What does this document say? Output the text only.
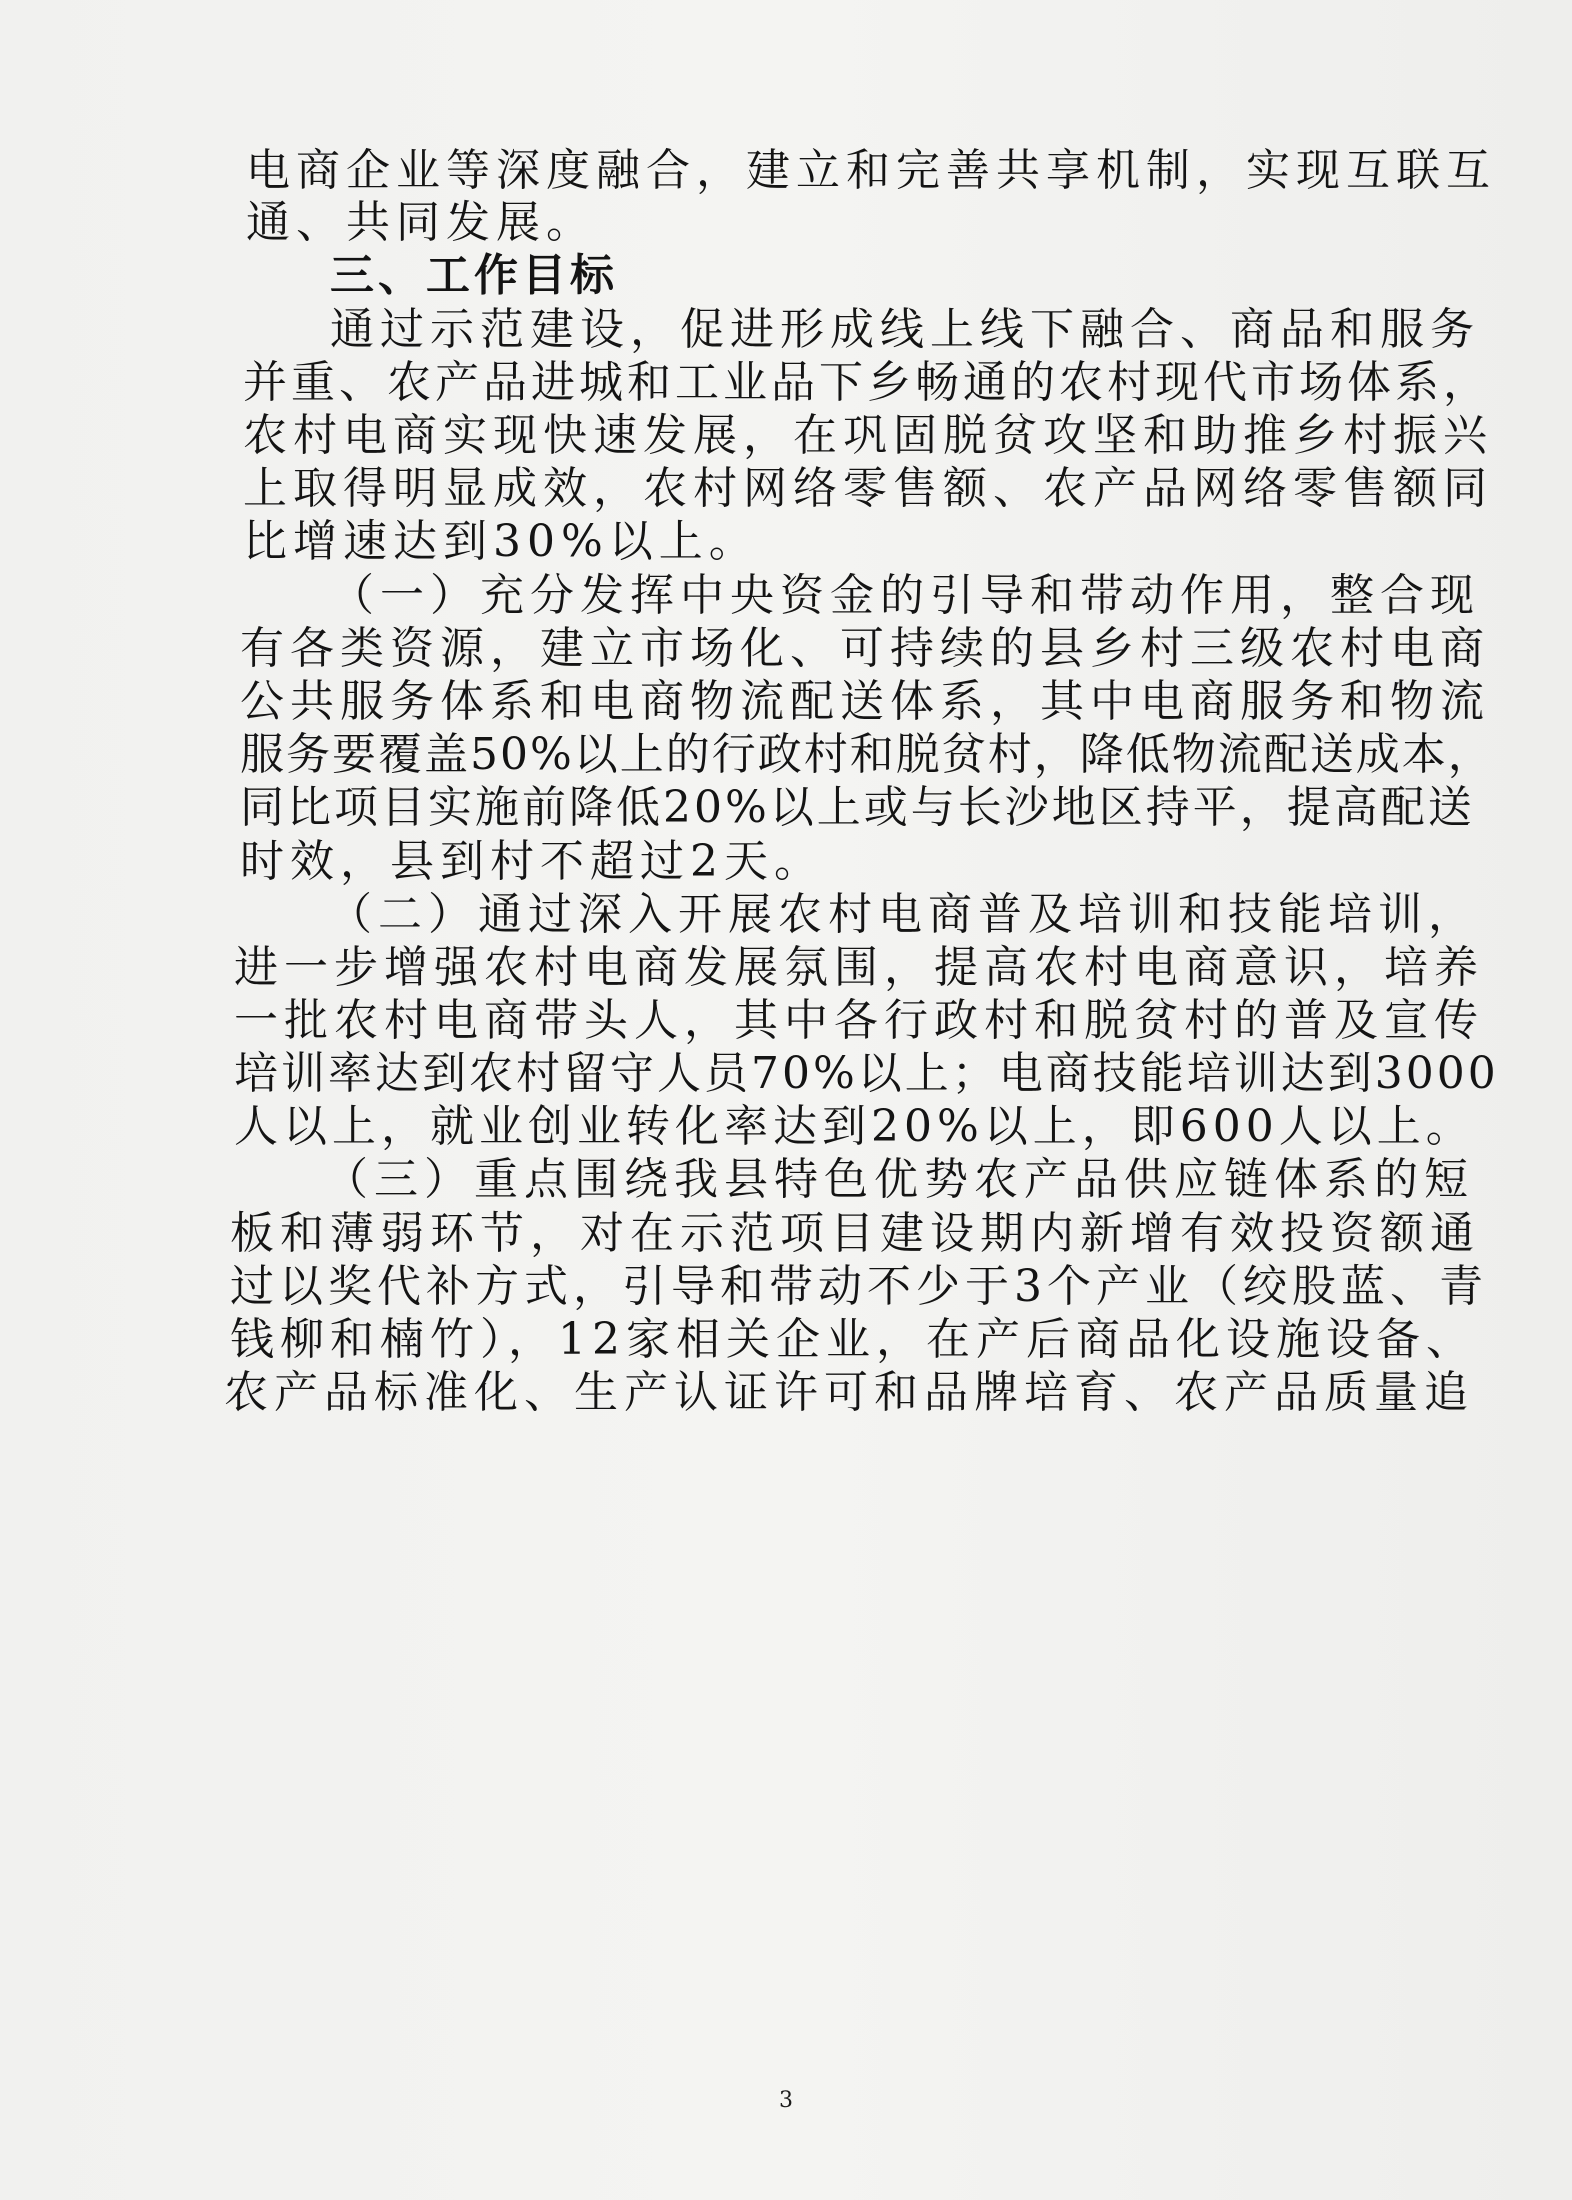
电商企业等深度融合，建立和完善共享机制，实现互联互
通、共同发展。
三、工作目标
通过示范建设，促进形成线上线下融合、商品和服务
并重、农产品进城和工业品下乡畅通的农村现代市场体系，
农村电商实现快速发展，在巩固脱贫攻坚和助推乡村振兴
上取得明显成效，农村网络零售额、农产品网络零售额同
比增速达到30%以上。
（一）充分发挥中央资金的引导和带动作用，整合现
有各类资源，建立市场化、可持续的县乡村三级农村电商
公共服务体系和电商物流配送体系，其中电商服务和物流
服务要覆盖50%以上的行政村和脱贫村，降低物流配送成本，
同比项目实施前降低20%以上或与长沙地区持平，提高配送
时效，县到村不超过2天。
（二）通过深入开展农村电商普及培训和技能培训，
进一步增强农村电商发展氛围，提高农村电商意识，培养
一批农村电商带头人，其中各行政村和脱贫村的普及宣传
培训率达到农村留守人员70%以上；电商技能培训达到3000
人以上，就业创业转化率达到20%以上，即600人以上。
（三）重点围绕我县特色优势农产品供应链体系的短
板和薄弱环节，对在示范项目建设期内新增有效投资额通
过以奖代补方式，引导和带动不少于3个产业（绞股蓝、青
钱柳和楠竹），12家相关企业，在产后商品化设施设备、
农产品标准化、生产认证许可和品牌培育、农产品质量追
3
